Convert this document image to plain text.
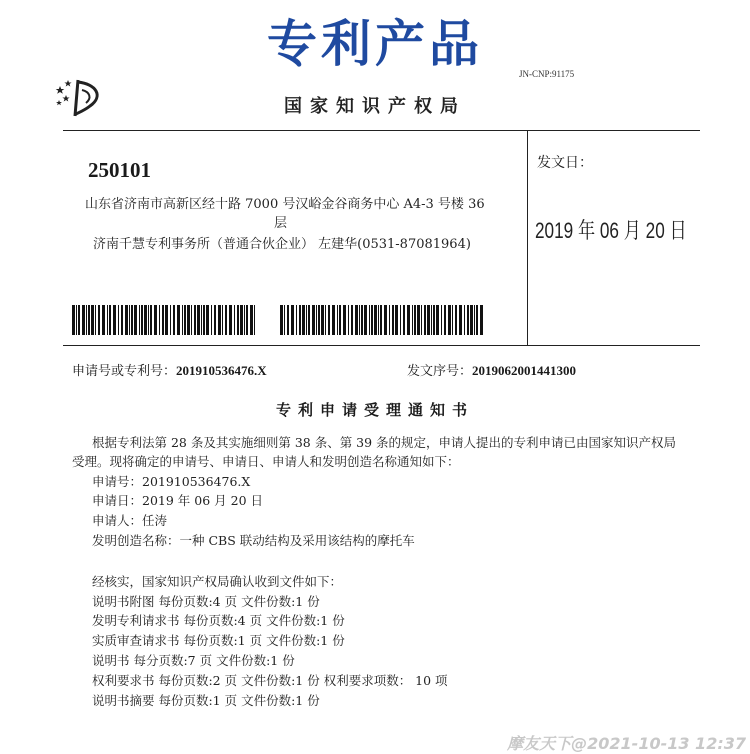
专利产品
JN-CNP:91175
国家知识产权局
250101
山东省济南市高新区经十路 7000 号汉峪金谷商务中心 A4-3 号楼 36
层
济南千慧专利事务所（普通合伙企业） 左建华(0531-87081964)
发文日：
2019 年 06 月 20 日
申请号或专利号：201910536476.X	发文序号：2019062001441300
专利申请受理通知书
根据专利法第 28 条及其实施细则第 38 条、第 39 条的规定，申请人提出的专利申请已由国家知识产权局
受理。现将确定的申请号、申请日、申请人和发明创造名称通知如下：
申请号：201910536476.X
申请日：2019 年 06 月 20 日
申请人：任涛
发明创造名称：一种 CBS 联动结构及采用该结构的摩托车
经核实，国家知识产权局确认收到文件如下：
说明书附图 每份页数:4 页 文件份数:1 份
发明专利请求书 每份页数:4 页 文件份数:1 份
实质审查请求书 每份页数:1 页 文件份数:1 份
说明书 每分页数:7 页 文件份数:1 份
权利要求书 每份页数:2 页 文件份数:1 份 权利要求项数： 10 项
说明书摘要 每份页数:1 页 文件份数:1 份
摩友天下@2021-10-13 12:37
